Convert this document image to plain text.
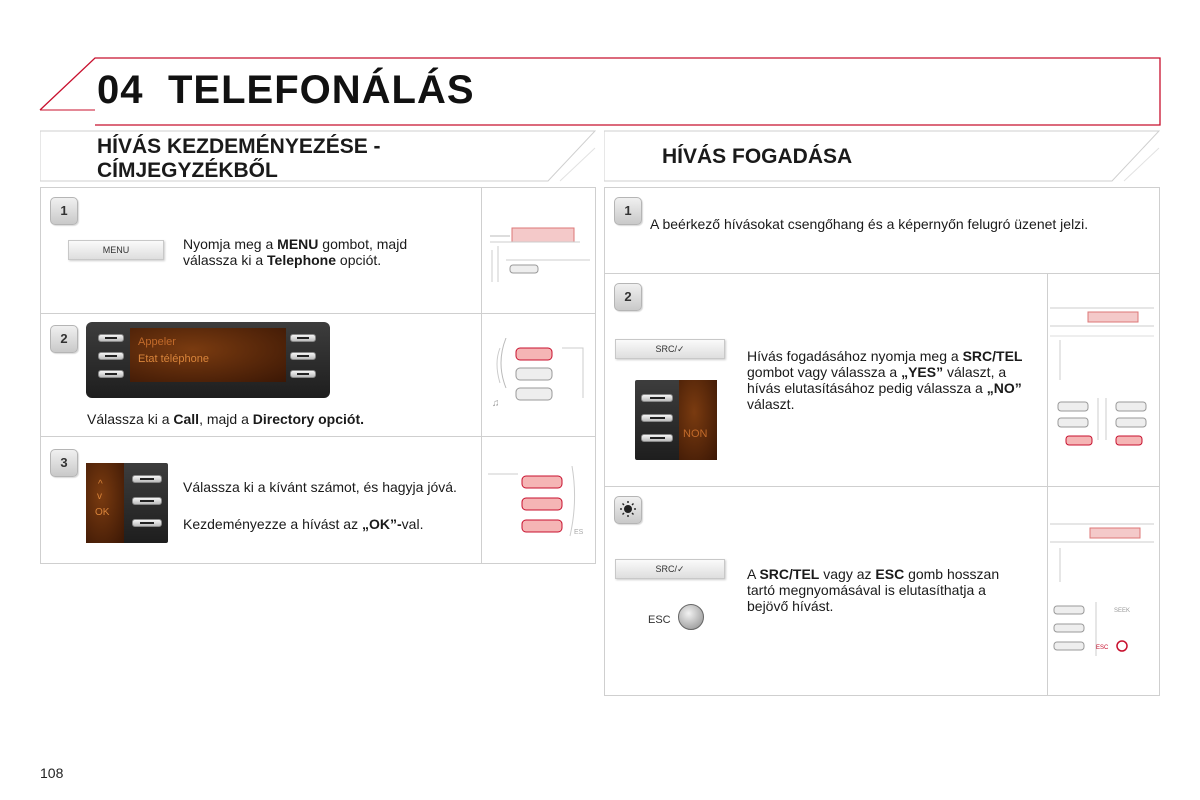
04 TELEFONÁLÁS
HÍVÁS KEZDEMÉNYEZÉSE -
CÍMJEGYZÉKBŐL
HÍVÁS FOGADÁSA
1
MENU	Nyomja meg a MENU gombot, majd válassza ki a Telephone opciót.
2	Appeler
Etat téléphone
Válassza ki a Call, majd a Directory opciót.
♫
3
^
v
OK
Válassza ki a kívánt számot, és hagyja jóvá.
Kezdeményezze a hívást az „OK”-val.
ES
1
A beérkező hívásokat csengőhang és a képernyőn felugró üzenet jelzi.
2
SRC/✓
NON
Hívás fogadásához nyomja meg a SRC/TEL gombot vagy válassza a „YES” választ, a hívás elutasításához pedig válassza a „NO” választ.
SRC/✓
ESC
A SRC/TEL vagy az ESC gomb hosszan tartó megnyomásával is elutasíthatja a bejövő hívást.	SEEK
ESC
108
